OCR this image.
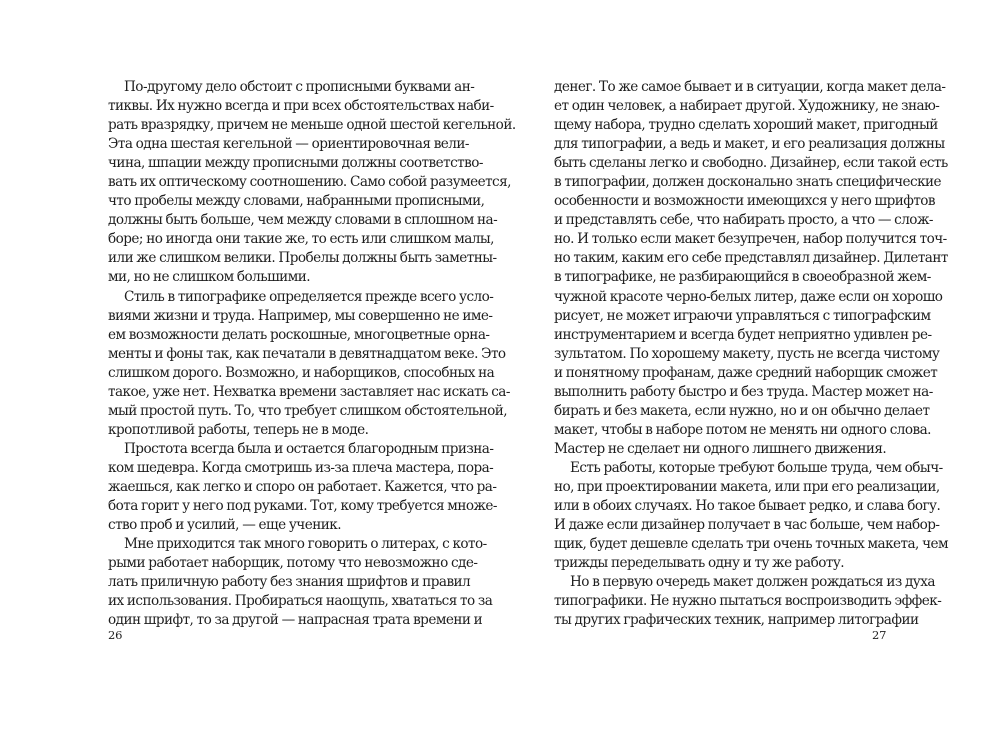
По-другому дело обстоит с прописными буквами ан-
тиквы. Их нужно всегда и при всех обстоятельствах наби-
рать вразрядку, причем не меньше одной шестой кегельной.
Эта одна шестая кегельной — ориентировочная вели-
чина, шпации между прописными должны соответство-
вать их оптическому соотношению. Само собой разумеется,
что пробелы между словами, набранными прописными,
должны быть больше, чем между словами в сплошном на-
боре; но иногда они такие же, то есть или слишком малы,
или же слишком велики. Пробелы должны быть заметны-
ми, но не слишком большими.
Стиль в типографике определяется прежде всего усло-
виями жизни и труда. Например, мы совершенно не име-
ем возможности делать роскошные, многоцветные орна-
менты и фоны так, как печатали в девятнадцатом веке. Это
слишком дорого. Возможно, и наборщиков, способных на
такое, уже нет. Нехватка времени заставляет нас искать са-
мый простой путь. То, что требует слишком обстоятельной,
кропотливой работы, теперь не в моде.
Простота всегда была и остается благородным призна-
ком шедевра. Когда смотришь из-за плеча мастера, пора-
жаешься, как легко и споро он работает. Кажется, что ра-
бота горит у него под руками. Тот, кому требуется множе-
ство проб и усилий, — еще ученик.
Мне приходится так много говорить о литерах, с кото-
рыми работает наборщик, потому что невозможно сде-
лать приличную работу без знания шрифтов и правил
их использования. Пробираться наощупь, хвататься то за
один шрифт, то за другой — напрасная трата времени и
26
денег. То же самое бывает и в ситуации, когда макет дела-
ет один человек, а набирает другой. Художнику, не знаю-
щему набора, трудно сделать хороший макет, пригодный
для типографии, а ведь и макет, и его реализация должны
быть сделаны легко и свободно. Дизайнер, если такой есть
в типографии, должен досконально знать специфические
особенности и возможности имеющихся у него шрифтов
и представлять себе, что набирать просто, а что — слож-
но. И только если макет безупречен, набор получится точ-
но таким, каким его себе представлял дизайнер. Дилетант
в типографике, не разбирающийся в своеобразной жем-
чужной красоте черно-белых литер, даже если он хорошо
рисует, не может играючи управляться с типографским
инструментарием и всегда будет неприятно удивлен ре-
зультатом. По хорошему макету, пусть не всегда чистому
и понятному профанам, даже средний наборщик сможет
выполнить работу быстро и без труда. Мастер может на-
бирать и без макета, если нужно, но и он обычно делает
макет, чтобы в наборе потом не менять ни одного слова.
Мастер не сделает ни одного лишнего движения.
Есть работы, которые требуют больше труда, чем обыч-
но, при проектировании макета, или при его реализации,
или в обоих случаях. Но такое бывает редко, и слава богу.
И даже если дизайнер получает в час больше, чем набор-
щик, будет дешевле сделать три очень точных макета, чем
трижды переделывать одну и ту же работу.
Но в первую очередь макет должен рождаться из духа
типографики. Не нужно пытаться воспроизводить эффек-
ты других графических техник, например литографии
27
